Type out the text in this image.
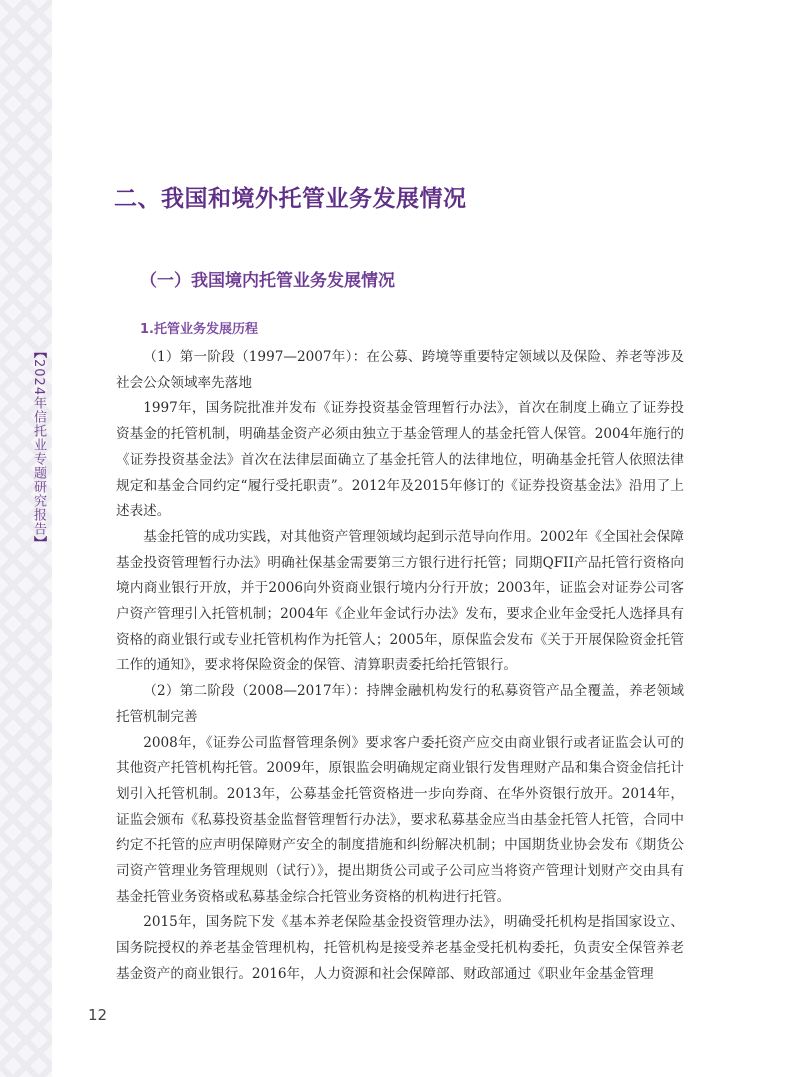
【2024年信托业专题研究报告】
二、我国和境外托管业务发展情况
（一）我国境内托管业务发展情况
1.托管业务发展历程

（1）第一阶段（1997—2007年）：在公募、跨境等重要特定领域以及保险、养老等涉及社会公众领域率先落地

1997年，国务院批准并发布《证券投资基金管理暂行办法》，首次在制度上确立了证券投资基金的托管机制，明确基金资产必须由独立于基金管理人的基金托管人保管。2004年施行的《证券投资基金法》首次在法律层面确立了基金托管人的法律地位，明确基金托管人依照法律规定和基金合同约定“履行受托职责”。2012年及2015年修订的《证券投资基金法》沿用了上述表述。

基金托管的成功实践，对其他资产管理领域均起到示范导向作用。2002年《全国社会保障基金投资管理暂行办法》明确社保基金需要第三方银行进行托管；同期QFII产品托管行资格向境内商业银行开放，并于2006向外资商业银行境内分行开放；2003年，证监会对证券公司客户资产管理引入托管机制；2004年《企业年金试行办法》发布，要求企业年金受托人选择具有资格的商业银行或专业托管机构作为托管人；2005年，原保监会发布《关于开展保险资金托管工作的通知》，要求将保险资金的保管、清算职责委托给托管银行。

（2）第二阶段（2008—2017年）：持牌金融机构发行的私募资管产品全覆盖，养老领域托管机制完善

2008年，《证券公司监督管理条例》要求客户委托资产应交由商业银行或者证监会认可的其他资产托管机构托管。2009年，原银监会明确规定商业银行发售理财产品和集合资金信托计划引入托管机制。2013年，公募基金托管资格进一步向券商、在华外资银行放开。2014年，证监会颁布《私募投资基金监督管理暂行办法》，要求私募基金应当由基金托管人托管，合同中约定不托管的应声明保障财产安全的制度措施和纠纷解决机制；中国期货业协会发布《期货公司资产管理业务管理规则（试行）》，提出期货公司或子公司应当将资产管理计划财产交由具有基金托管业务资格或私募基金综合托管业务资格的机构进行托管。

2015年，国务院下发《基本养老保险基金投资管理办法》，明确受托机构是指国家设立、国务院授权的养老基金管理机构，托管机构是接受养老基金受托机构委托，负责安全保管养老基金资产的商业银行。2016年，人力资源和社会保障部、财政部通过《职业年金基金管理

12
